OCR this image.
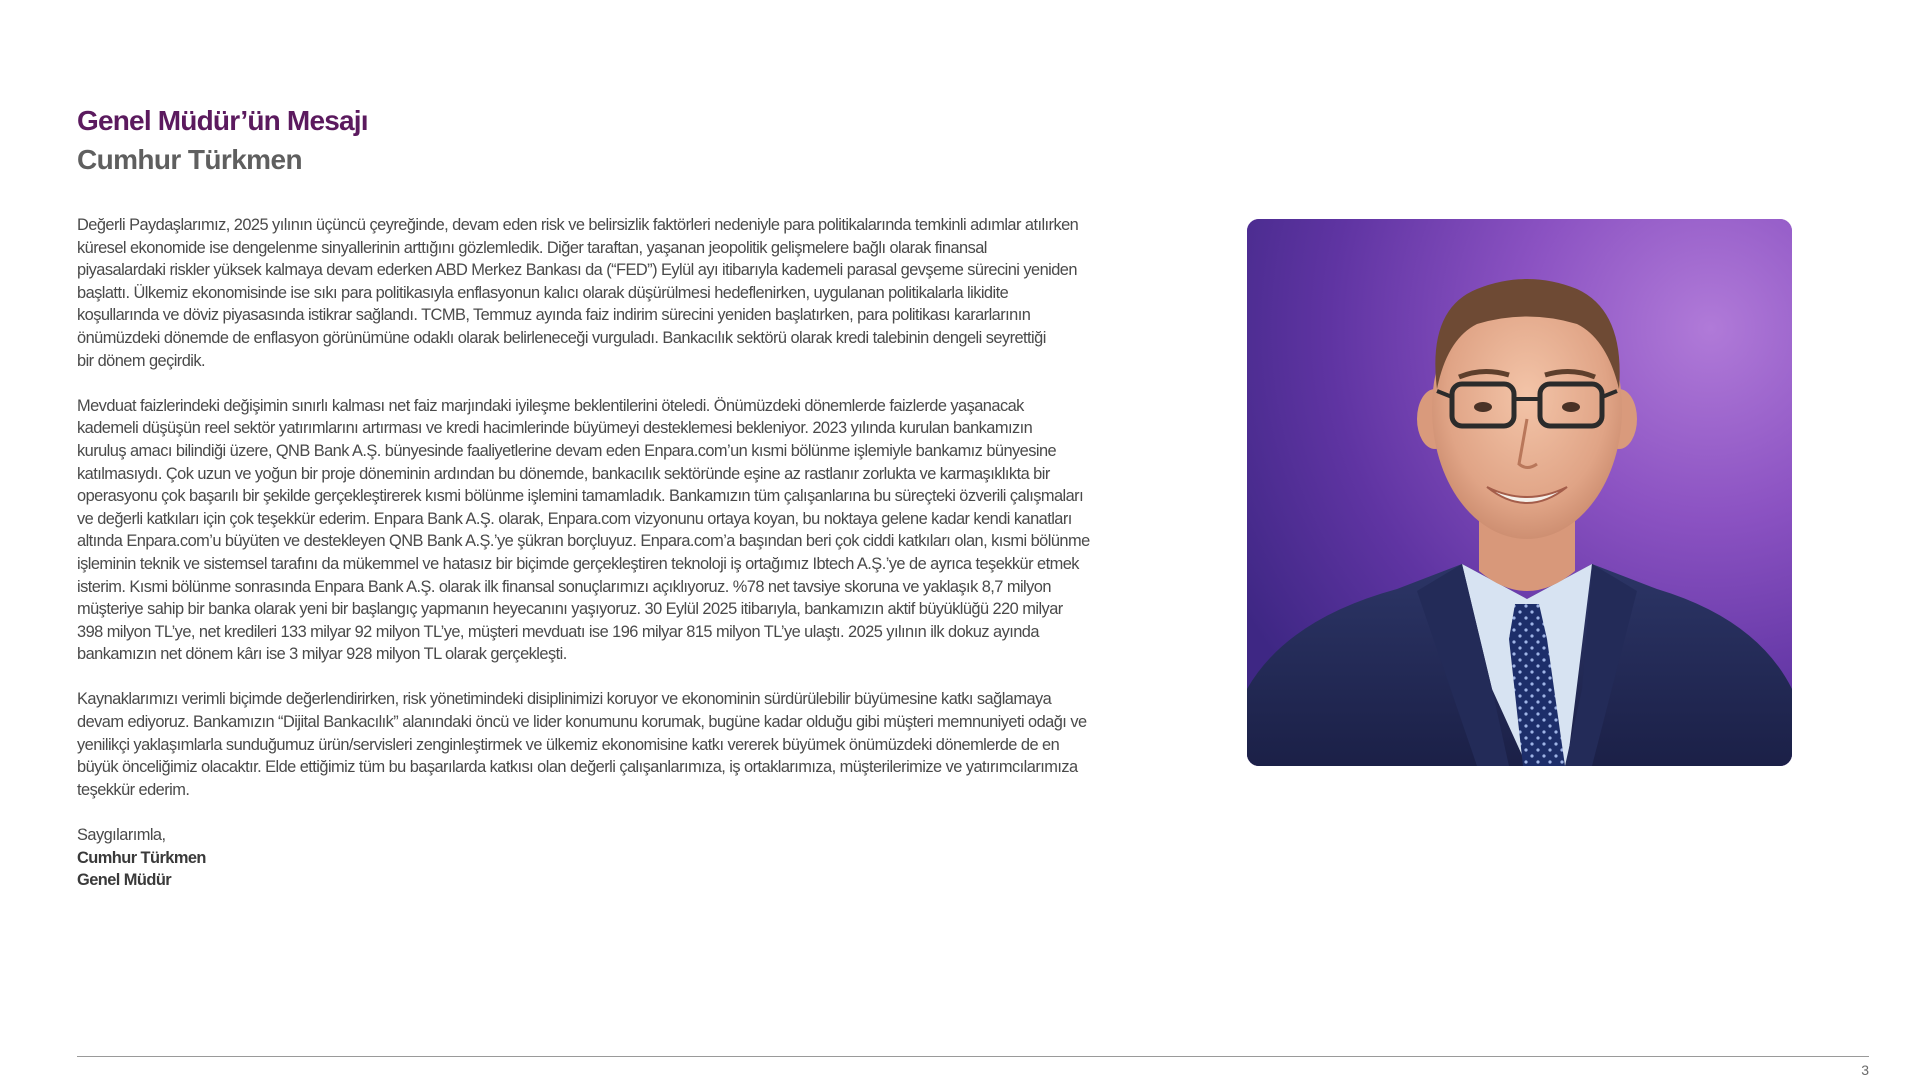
Genel Müdür’ün Mesajı
Cumhur Türkmen

Değerli Paydaşlarımız, 2025 yılının üçüncü çeyreğinde, devam eden risk ve belirsizlik faktörleri nedeniyle para politikalarında temkinli adımlar atılırken
küresel ekonomide ise dengelenme sinyallerinin arttığını gözlemledik. Diğer taraftan, yaşanan jeopolitik gelişmelere bağlı olarak finansal
piyasalardaki riskler yüksek kalmaya devam ederken ABD Merkez Bankası da (“FED”) Eylül ayı itibarıyla kademeli parasal gevşeme sürecini yeniden
başlattı. Ülkemiz ekonomisinde ise sıkı para politikasıyla enflasyonun kalıcı olarak düşürülmesi hedeflenirken, uygulanan politikalarla likidite
koşullarında ve döviz piyasasında istikrar sağlandı. TCMB, Temmuz ayında faiz indirim sürecini yeniden başlatırken, para politikası kararlarının
önümüzdeki dönemde de enflasyon görünümüne odaklı olarak belirleneceği vurguladı. Bankacılık sektörü olarak kredi talebinin dengeli seyrettiği
bir dönem geçirdik.

Mevduat faizlerindeki değişimin sınırlı kalması net faiz marjındaki iyileşme beklentilerini öteledi. Önümüzdeki dönemlerde faizlerde yaşanacak
kademeli düşüşün reel sektör yatırımlarını artırması ve kredi hacimlerinde büyümeyi desteklemesi bekleniyor. 2023 yılında kurulan bankamızın
kuruluş amacı bilindiği üzere, QNB Bank A.Ş. bünyesinde faaliyetlerine devam eden Enpara.com’un kısmi bölünme işlemiyle bankamız bünyesine
katılmasıydı. Çok uzun ve yoğun bir proje döneminin ardından bu dönemde, bankacılık sektöründe eşine az rastlanır zorlukta ve karmaşıklıkta bir
operasyonu çok başarılı bir şekilde gerçekleştirerek kısmi bölünme işlemini tamamladık. Bankamızın tüm çalışanlarına bu süreçteki özverili çalışmaları
ve değerli katkıları için çok teşekkür ederim. Enpara Bank A.Ş. olarak, Enpara.com vizyonunu ortaya koyan, bu noktaya gelene kadar kendi kanatları
altında Enpara.com’u büyüten ve destekleyen QNB Bank A.Ş.’ye şükran borçluyuz. Enpara.com’a başından beri çok ciddi katkıları olan, kısmi bölünme
işleminin teknik ve sistemsel tarafını da mükemmel ve hatasız bir biçimde gerçekleştiren teknoloji iş ortağımız Ibtech A.Ş.’ye de ayrıca teşekkür etmek
isterim. Kısmi bölünme sonrasında Enpara Bank A.Ş. olarak ilk finansal sonuçlarımızı açıklıyoruz. %78 net tavsiye skoruna ve yaklaşık 8,7 milyon
müşteriye sahip bir banka olarak yeni bir başlangıç yapmanın heyecanını yaşıyoruz. 30 Eylül 2025 itibarıyla, bankamızın aktif büyüklüğü 220 milyar
398 milyon TL’ye, net kredileri 133 milyar 92 milyon TL’ye, müşteri mevduatı ise 196 milyar 815 milyon TL’ye ulaştı. 2025 yılının ilk dokuz ayında
bankamızın net dönem kârı ise 3 milyar 928 milyon TL olarak gerçekleşti.

Kaynaklarımızı verimli biçimde değerlendirirken, risk yönetimindeki disiplinimizi koruyor ve ekonominin sürdürülebilir büyümesine katkı sağlamaya
devam ediyoruz. Bankamızın “Dijital Bankacılık” alanındaki öncü ve lider konumunu korumak, bugüne kadar olduğu gibi müşteri memnuniyeti odağı ve
yenilikçi yaklaşımlarla sunduğumuz ürün/servisleri zenginleştirmek ve ülkemiz ekonomisine katkı vererek büyümek önümüzdeki dönemlerde de en
büyük önceliğimiz olacaktır. Elde ettiğimiz tüm bu başarılarda katkısı olan değerli çalışanlarımıza, iş ortaklarımıza, müşterilerimize ve yatırımcılarımıza
teşekkür ederim.

Saygılarımla,
Cumhur Türkmen
Genel Müdür
3
